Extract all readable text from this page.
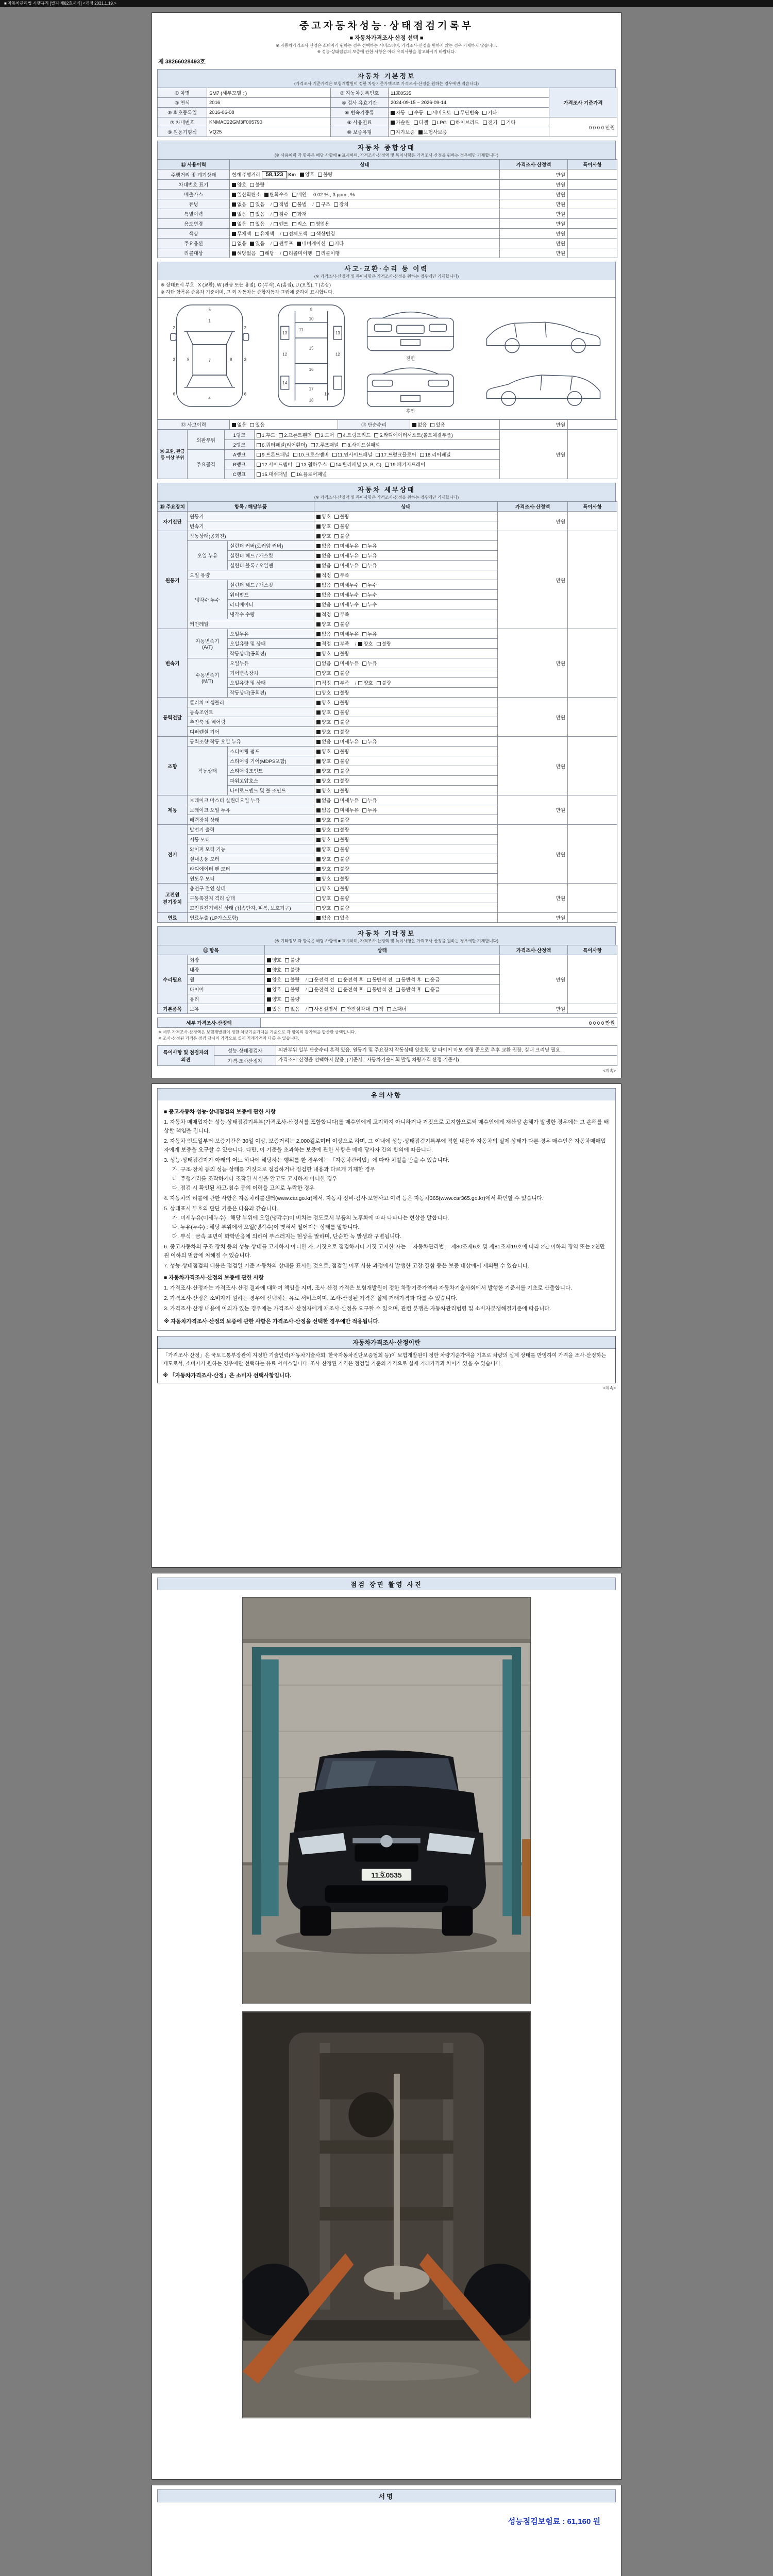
■ 자동차관리법 시행규칙 [별지 제82호서식] <개정 2021.1.19.>
중고자동차성능·상태점검기록부
■ 자동차가격조사·산정 선택 ■
※ 자동차가격조사·산정은 소비자가 원하는 경우 선택하는 서비스이며, 가격조사·산정을 원하지 않는 경우 기재하지 않습니다.
※ 성능·상태점검의 보증에 관한 사항은 아래 유의사항을 참고하시기 바랍니다.
제 38266028493호
자동차 기본정보
(가격조사 기준가격은 보험개발원이 정한 차량기준가액으로 가격조사·산정을 원하는 경우에만 적습니다)
① 차명	SM7 (세부모델 : )	② 자동차등록번호	11호0535	가격조사 기준가격
③ 연식	2016	④ 검사 유효기간	2024-09-15 ~ 2026-09-14	
⑤ 최초등록일	2016-06-08	⑥ 변속기종류	자동 수동 세미오토 무단변속 기타	
⑦ 차대번호	KNMAC22GM3F005790	⑧ 사용연료	가솔린 디젤 LPG 하이브리드 전기 기타	0 0 0 0 만원
⑨ 원동기형식	VQ25	⑩ 보증유형	자가보증 보험사보증	
자동차 종합상태
(※ 사용이력 각 항목은 해당 사항에 ■ 표시하며, 가격조사·산정액 및 특이사항은 가격조사·산정을 원하는 경우에만 기재합니다)
⑪ 사용이력	상태	가격조사·산정액	특이사항
주행거리 및 계기상태	현재 주행거리 58,123 Km 양호 불량	만원	
차대번호 표기	양호 불량	만원	
배출가스	일산화탄소 탄화수소 매연 0.02 % , 3 ppm , %	만원	
튜닝	없음 있음 / 적법 불법 / 구조 장치	만원	
특별이력	없음 있음 / 침수 화재	만원	
용도변경	없음 있음 / 렌트 리스 영업용	만원	
색상	무채색 유채색 / 전체도색 색상변경	만원	
주요옵션	없음 있음 / 썬루프 네비게이션 기타	만원	
리콜대상	해당없음 해당 / 리콜미이행 리콜이행	만원	
사고·교환·수리 등 이력
(※ 가격조사·산정액 및 특이사항은 가격조사·산정을 원하는 경우에만 기재합니다)
※ 상태표시 부호 : X (교환), W (판금 또는 용접), C (부식), A (흠집), U (요철), T (손상)
※ 하단 항목은 승용차 기준이며, 그 외 자동차는 승합자동차 그림에 준하여 표시합니다.
5
1
2	2
3	3
8	8
7
6	6
4
9
10
11
12	12
13	13
14
15
16
17
18
19
전면
후면
⑫ 사고이력	없음 있음	⑬ 단순수리	없음 있음	만원	
⑭ 교환, 판금 등 이상 부위	외판부위	1랭크	1.후드 2.프론트휀더 3.도어 4.트렁크리드 5.라디에이터서포트(볼트체결부품)	만원	
		2랭크	6.쿼터패널(리어휀더) 7.루프패널 8.사이드실패널		
	주요골격	A랭크	9.프론트패널 10.크로스멤버 11.인사이드패널 17.트렁크플로어 18.리어패널		
		B랭크	12.사이드멤버 13.휠하우스 14.필러패널 (A, B, C) 19.패키지트레이		
		C랭크	15.대쉬패널 16.플로어패널		
자동차 세부상태
(※ 가격조사·산정액 및 특이사항은 가격조사·산정을 원하는 경우에만 기재합니다)
⑮ 주요장치	항목 / 해당부품		상태	가격조사·산정액	특이사항
자기진단	원동기		양호 불량	만원	
	변속기		양호 불량		
원동기	작동상태(공회전)		양호 불량	만원	
	오일 누유	실린더 커버(로커암 커버)	없음 미세누유 누유		
		실린더 헤드 / 개스킷	없음 미세누유 누유		
		실린더 블록 / 오일팬	없음 미세누유 누유		
	오일 유량		적정 부족		
	냉각수 누수	실린더 헤드 / 개스킷	없음 미세누수 누수		
		워터펌프	없음 미세누수 누수		
		라디에이터	없음 미세누수 누수		
		냉각수 수량	적정 부족		
	커먼레일		양호 불량		
변속기	자동변속기 (A/T)	오일누유	없음 미세누유 누유	만원	
		오일유량 및 상태	적정 부족 / 양호 불량		
		작동상태(공회전)	양호 불량		
	수동변속기 (M/T)	오일누유	없음 미세누유 누유		
		기어변속장치	양호 불량		
		오일유량 및 상태	적정 부족 / 양호 불량		
		작동상태(공회전)	양호 불량		
동력전달	클러치 어셈블리		양호 불량	만원	
	등속조인트		양호 불량		
	추진축 및 베어링		양호 불량		
	디퍼렌셜 기어		양호 불량		
조향	동력조향 작동 오일 누유		없음 미세누유 누유	만원	
	작동상태	스티어링 펌프	양호 불량		
		스티어링 기어(MDPS포함)	양호 불량		
		스티어링조인트	양호 불량		
		파워고압호스	양호 불량		
		타이로드엔드 및 볼 조인트	양호 불량		
제동	브레이크 마스터 실린더오일 누유		없음 미세누유 누유	만원	
	브레이크 오일 누유		없음 미세누유 누유		
	배력장치 상태		양호 불량		
전기	발전기 출력		양호 불량	만원	
	시동 모터		양호 불량		
	와이퍼 모터 기능		양호 불량		
	실내송풍 모터		양호 불량		
	라디에이터 팬 모터		양호 불량		
	윈도우 모터		양호 불량		
고전원 전기장치	충전구 절연 상태		양호 불량	만원	
	구동축전지 격리 상태		양호 불량		
	고전원전기배선 상태 (접속단자, 피복, 보호기구)		양호 불량		
연료	연료누출 (LP가스포함)		없음 있음	만원	
자동차 기타정보
(※ 기타정보 각 항목은 해당 사항에 ■ 표시하며, 가격조사·산정액 및 특이사항은 가격조사·산정을 원하는 경우에만 기재합니다)
⑯ 항목		상태	가격조사·산정액	특이사항
수리필요	외장	양호 불량	만원	
	내장	양호 불량		
	휠	양호 불량 / 운전석 전 운전석 후 동반석 전 동반석 후 응급		
	타이어	양호 불량 / 운전석 전 운전석 후 동반석 전 동반석 후 응급		
	유리	양호 불량		
기본품목	보유	있음 없음 / 사용설명서 안전삼각대 잭 스패너	만원	
세부 가격조사·산정액	0 0 0 0 만원
※ 세부 가격조사·산정액은 보험개발원이 정한 차량기준가액을 기준으로 각 항목의 감가액을 합산한 금액입니다.
※ 조사·산정된 가격은 점검 당시의 가격으로 실제 거래가격과 다를 수 있습니다.
특이사항 및 점검자의 의견	성능·상태점검자	외판부위 일부 단순수리 흔적 있음. 원동기 및 주요장치 작동상태 양호함. 앞 타이어 마모 진행 중으로 추후 교환 권장. 실내 크리닝 필요.
	가격·조사산정자	가격조사·산정을 선택하지 않음. (기준서 : 자동차기술사회 발행 차량가격 산정 기준서)
<계속>
유의사항
■ 중고자동차 성능·상태점검의 보증에 관한 사항
1. 자동차 매매업자는 성능·상태점검기록부(가격조사·산정서를 포함합니다)를 매수인에게 고지하지 아니하거나 거짓으로 고지함으로써 매수인에게 재산상 손해가 발생한 경우에는 그 손해를 배상할 책임을 집니다.
2. 자동차 인도일부터 보증기간은 30일 이상, 보증거리는 2,000킬로미터 이상으로 하며, 그 이내에 성능·상태점검기록부에 적힌 내용과 자동차의 실제 상태가 다른 경우 매수인은 자동차매매업자에게 보증을 요구할 수 있습니다. 다만, 이 기준을 초과하는 보증에 관한 사항은 매매 당사자 간의 합의에 따릅니다.
3. 성능·상태점검자가 아래의 어느 하나에 해당하는 행위를 한 경우에는 「자동차관리법」에 따라 처벌을 받을 수 있습니다.
가. 구조·장치 등의 성능·상태를 거짓으로 점검하거나 점검한 내용과 다르게 기재한 경우
나. 주행거리를 조작하거나 조작된 사실을 알고도 고지하지 아니한 경우
다. 점검 시 확인된 사고·침수 등의 이력을 고의로 누락한 경우
4. 자동차의 리콜에 관한 사항은 자동차리콜센터(www.car.go.kr)에서, 자동차 정비·검사·보험사고 이력 등은 자동차365(www.car365.go.kr)에서 확인할 수 있습니다.
5. 상태표시 부호의 판단 기준은 다음과 같습니다.
가. 미세누유(미세누수) : 해당 부위에 오일(냉각수)이 비치는 정도로서 부품의 노후화에 따라 나타나는 현상을 말합니다.
나. 누유(누수) : 해당 부위에서 오일(냉각수)이 맺혀서 떨어지는 상태를 말합니다.
다. 부식 : 금속 표면이 화학반응에 의하여 부스러지는 현상을 말하며, 단순한 녹 발생과 구별됩니다.
6. 중고자동차의 구조·장치 등의 성능·상태를 고지하지 아니한 자, 거짓으로 점검하거나 거짓 고지한 자는 「자동차관리법」 제80조제6호 및 제81조제19호에 따라 2년 이하의 징역 또는 2천만원 이하의 벌금에 처해질 수 있습니다.
7. 성능·상태점검의 내용은 점검일 기준 자동차의 상태를 표시한 것으로, 점검일 이후 사용 과정에서 발생한 고장·결함 등은 보증 대상에서 제외될 수 있습니다.
■ 자동차가격조사·산정의 보증에 관한 사항
1. 가격조사·산정자는 가격조사·산정 결과에 대하여 책임을 지며, 조사·산정 가격은 보험개발원이 정한 차량기준가액과 자동차기술사회에서 발행한 기준서를 기초로 산출합니다.
2. 가격조사·산정은 소비자가 원하는 경우에 선택하는 유료 서비스이며, 조사·산정된 가격은 실제 거래가격과 다를 수 있습니다.
3. 가격조사·산정 내용에 이의가 있는 경우에는 가격조사·산정자에게 재조사·산정을 요구할 수 있으며, 관련 분쟁은 자동차관리법령 및 소비자분쟁해결기준에 따릅니다.
※ 자동차가격조사·산정의 보증에 관한 사항은 가격조사·산정을 선택한 경우에만 적용됩니다.
자동차가격조사·산정이란
「가격조사·산정」은 국토교통부장관이 지정한 기술인력(자동차기술사회, 한국자동차진단보증협회 등)이 보험개발원이 정한 차량기준가액을 기초로 차량의 실제 상태를 반영하여 가격을 조사·산정하는 제도로서, 소비자가 원하는 경우에만 선택하는 유료 서비스입니다. 조사·산정된 가격은 점검일 기준의 가격으로 실제 거래가격과 차이가 있을 수 있습니다.
※ 「자동차가격조사·산정」은 소비자 선택사항입니다.
<계속>
점검 장면 촬영 사진
11호0535
서명
성능점검보험료 : 61,160 원
